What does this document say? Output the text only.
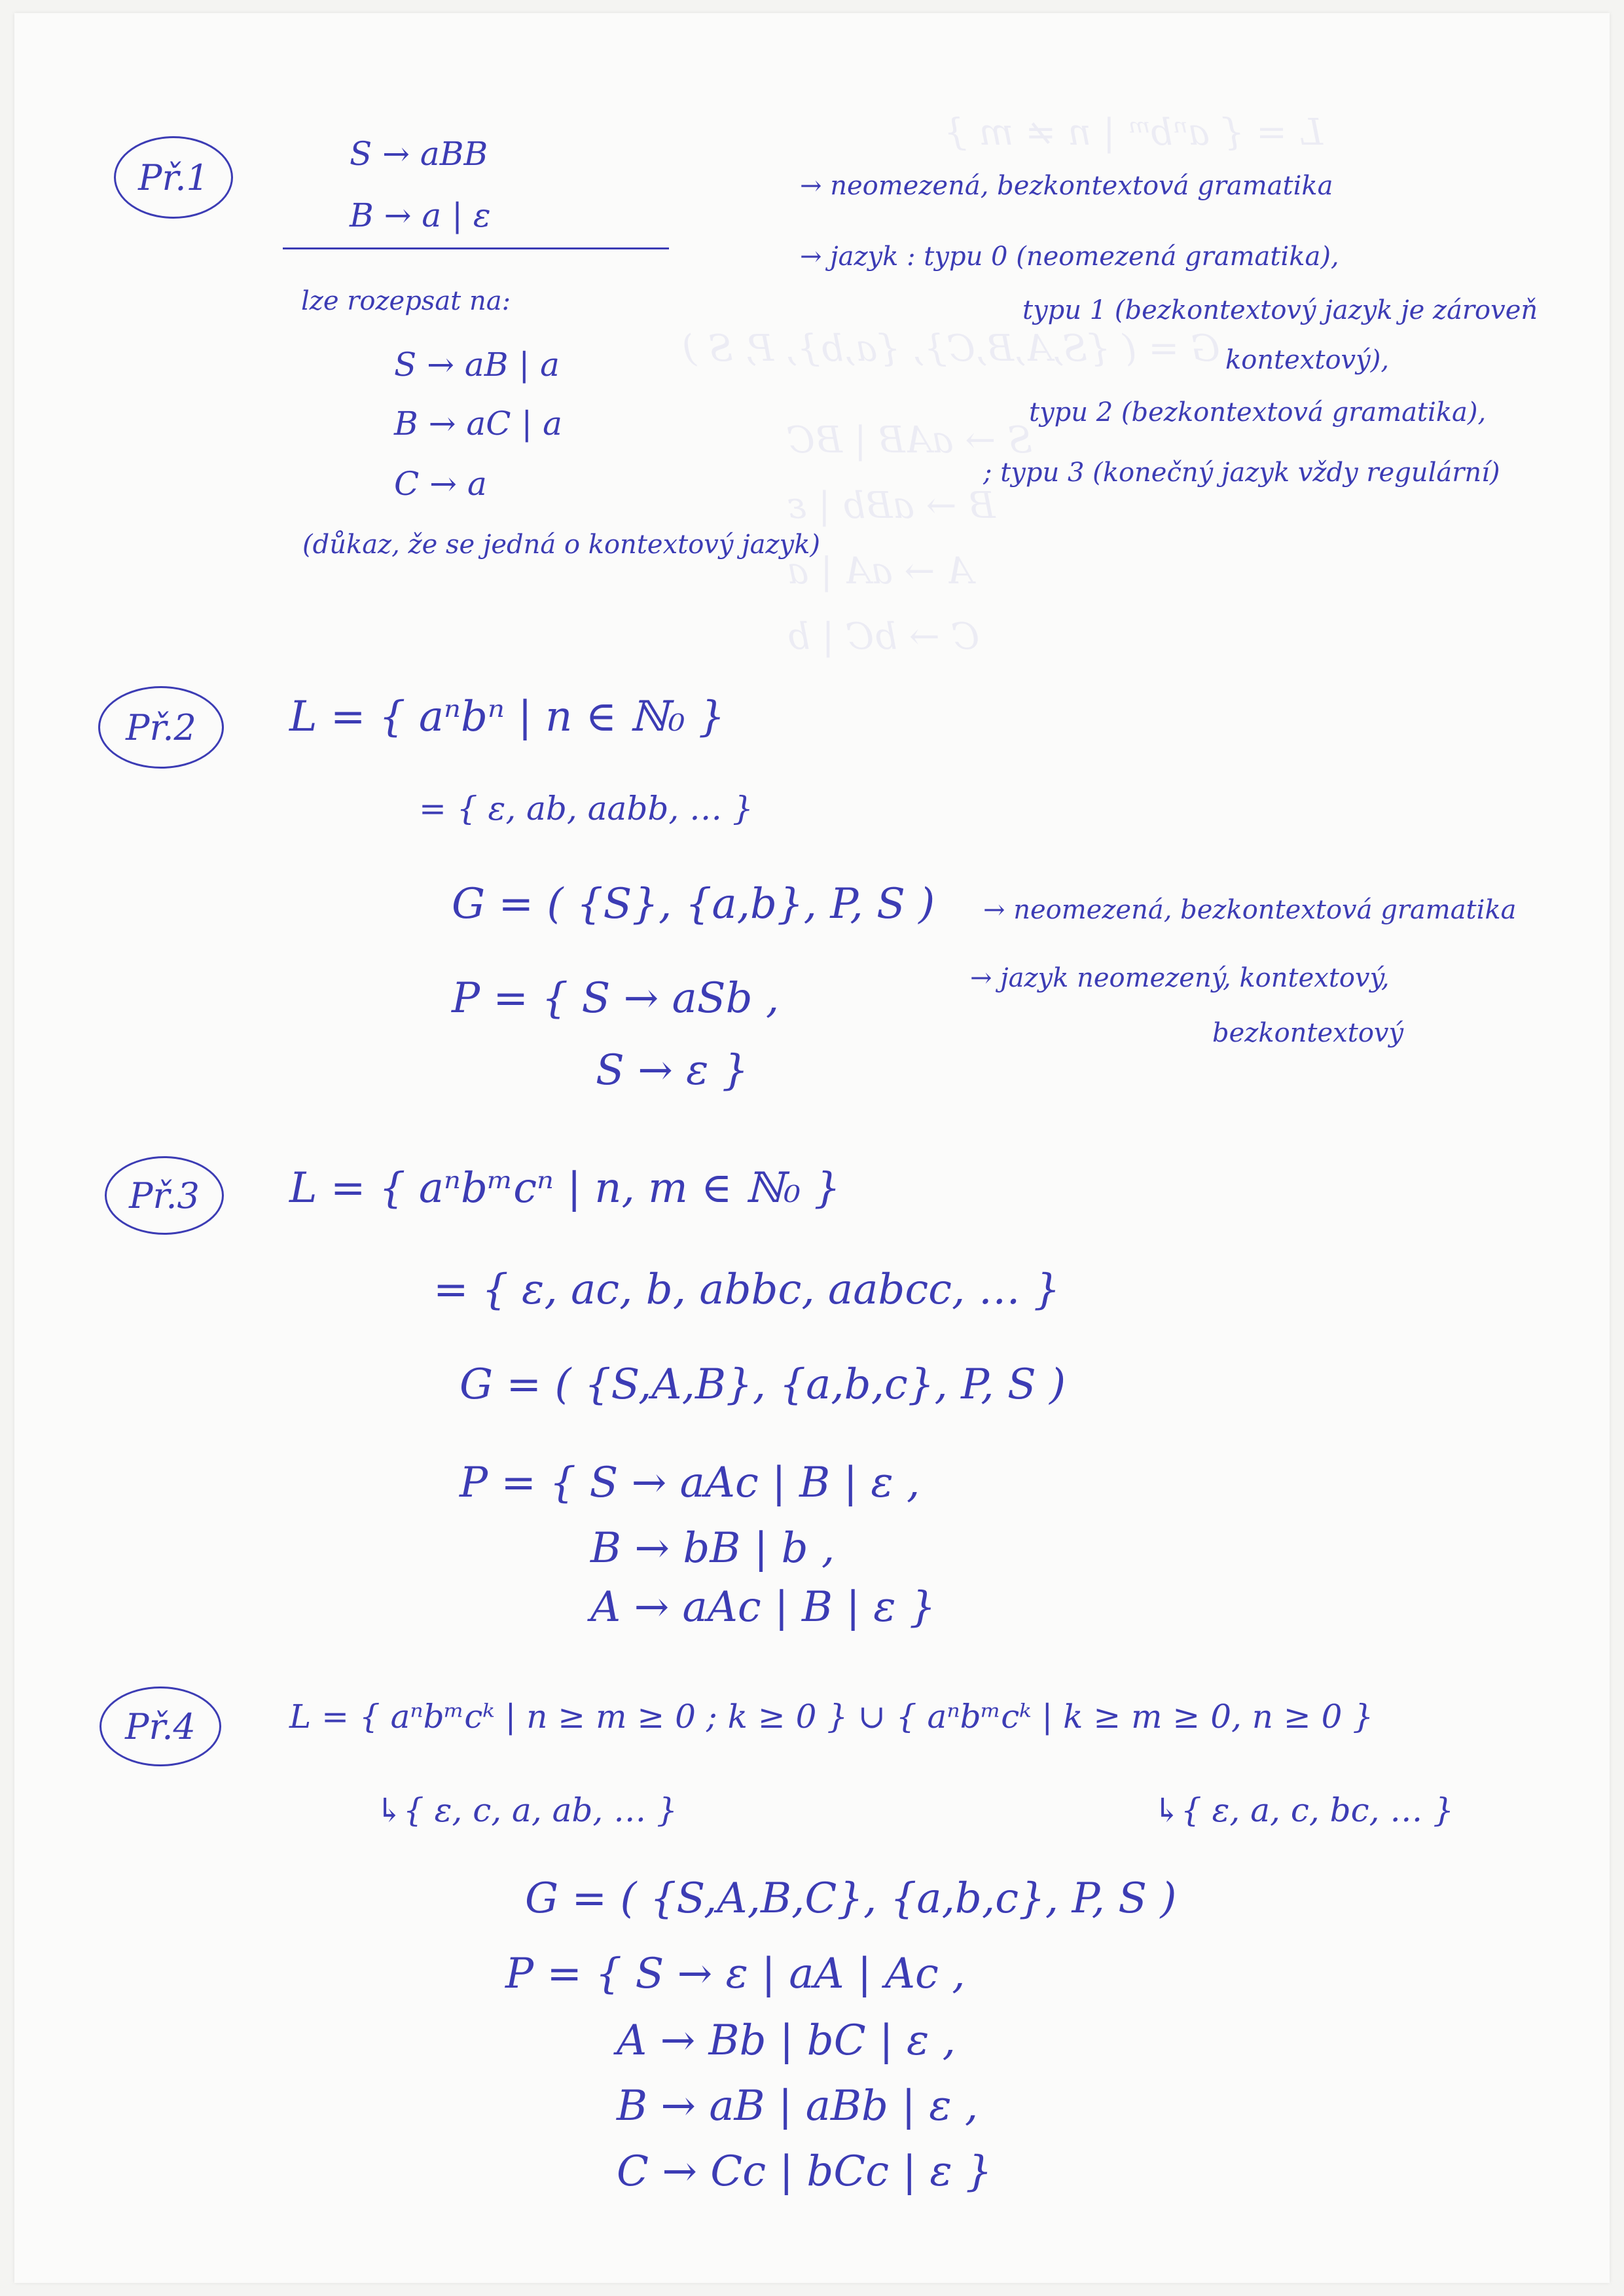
L = { aⁿbᵐ | n ≠ m }
G = ( {S,A,B,C}, {a,b}, P, S )
S → aAB | BC
B → aBb | ε
A → aA | a
C → bC | b
Př.1
S → aBB
B → a | ε
lze rozepsat na:
S → aB | a
B → aC | a
C → a
(důkaz, že se jedná o kontextový jazyk)
→ neomezená, bezkontextová gramatika
→ jazyk : typu 0 (neomezená gramatika),
typu 1 (bezkontextový jazyk je zároveň
kontextový),
typu 2 (bezkontextová gramatika),
; typu 3 (konečný jazyk vždy regulární)
Př.2	L = { aⁿbⁿ | n ∈ ℕ₀ }
= { ε, ab, aabb, … }
G = ( {S}, {a,b}, P, S )
P = { S → aSb ,
S → ε }
→ neomezená, bezkontextová gramatika
→ jazyk neomezený, kontextový,
bezkontextový
Př.3	L = { aⁿbᵐcⁿ | n, m ∈ ℕ₀ }
= { ε, ac, b, abbc, aabcc, … }
G = ( {S,A,B}, {a,b,c}, P, S )
P = { S → aAc | B | ε ,
B → bB | b ,
A → aAc | B | ε }
Př.4	L = { aⁿbᵐcᵏ | n ≥ m ≥ 0 ; k ≥ 0 } ∪ { aⁿbᵐcᵏ | k ≥ m ≥ 0, n ≥ 0 }
↳{ ε, c, a, ab, … }	↳{ ε, a, c, bc, … }
G = ( {S,A,B,C}, {a,b,c}, P, S )
P = { S → ε | aA | Ac ,
A → Bb | bC | ε ,
B → aB | aBb | ε ,
C → Cc | bCc | ε }
